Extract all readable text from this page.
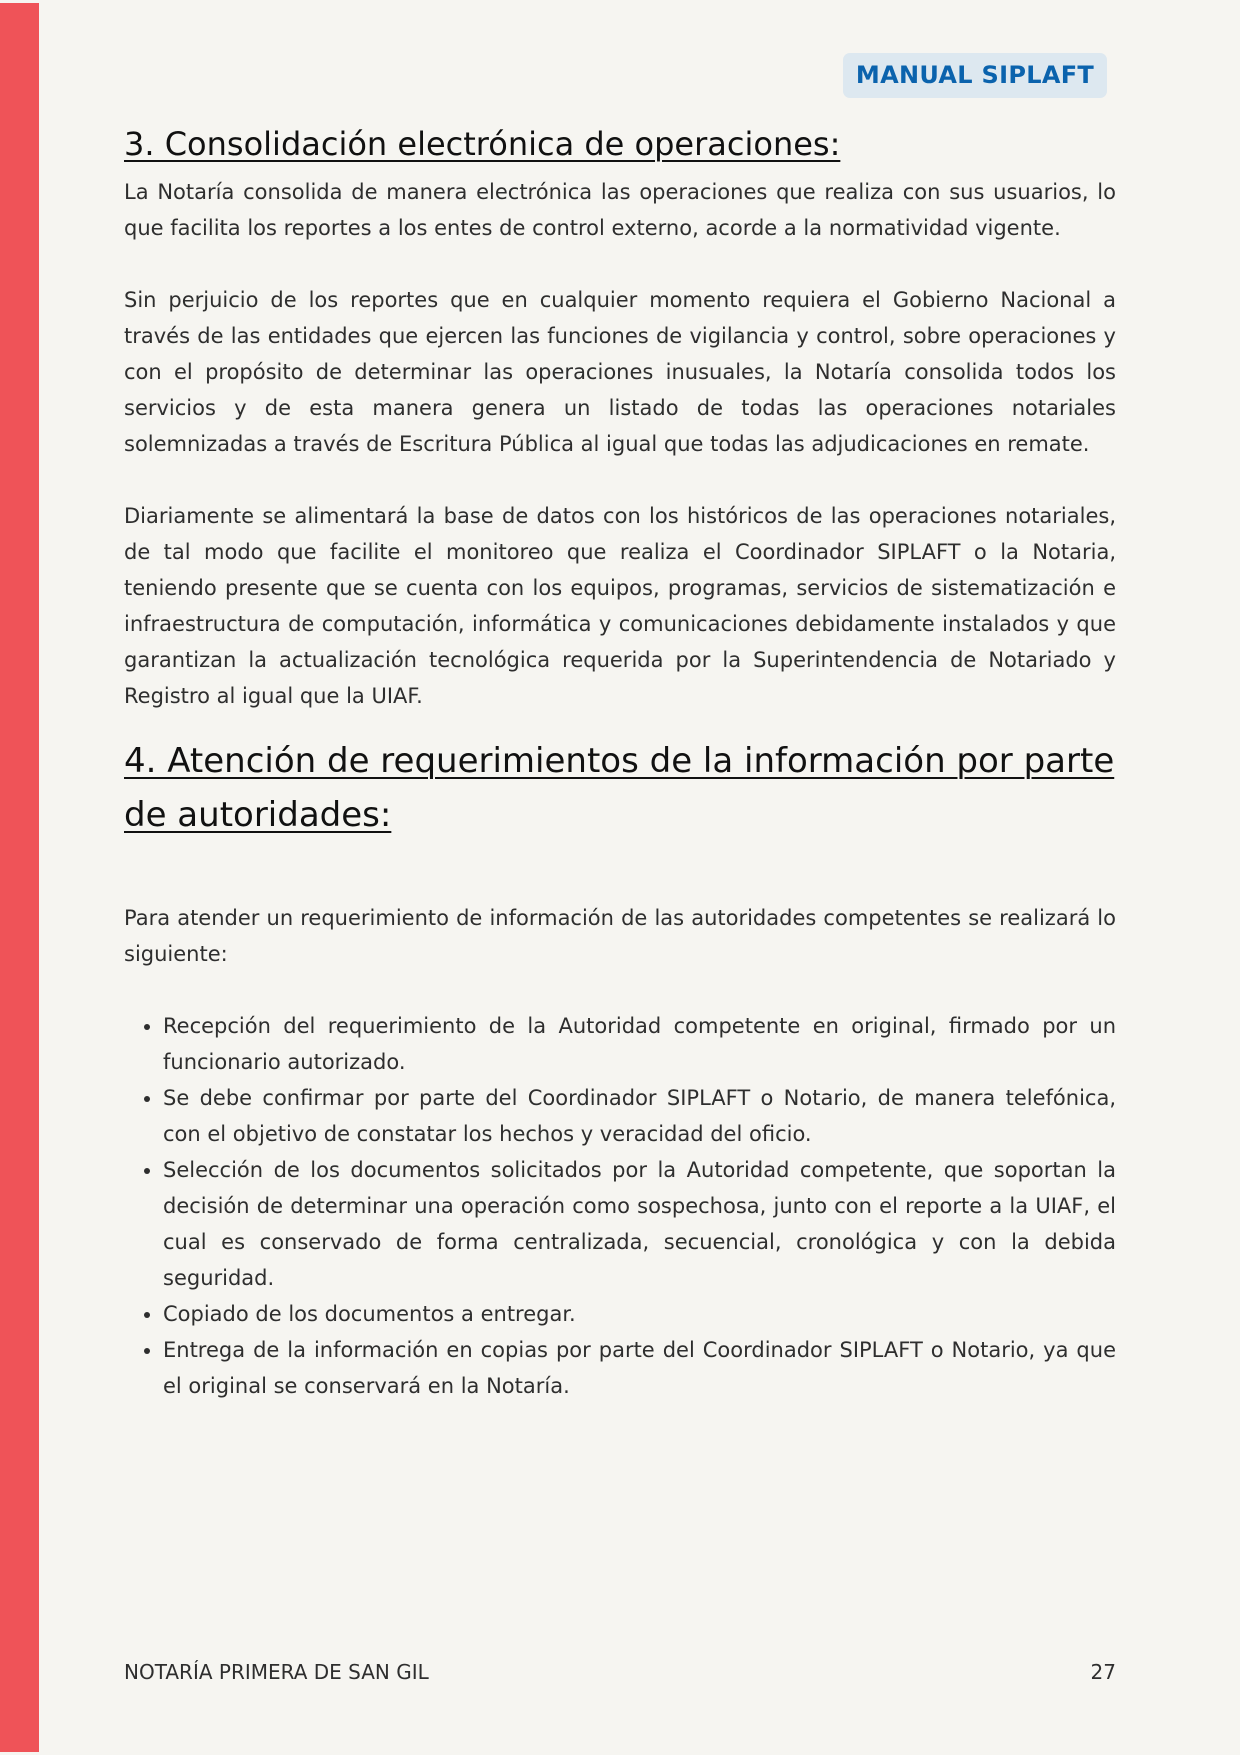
MANUAL SIPLAFT
3. Consolidación electrónica de operaciones:

La Notaría consolida de manera electrónica las operaciones que realiza con sus usuarios, lo que facilita los reportes a los entes de control externo, acorde a la normatividad vigente.

Sin perjuicio de los reportes que en cualquier momento requiera el Gobierno Nacional a través de las entidades que ejercen las funciones de vigilancia y control, sobre operaciones y con el propósito de determinar las operaciones inusuales, la Notaría consolida todos los servicios y de esta manera genera un listado de todas las operaciones notariales solemnizadas a través de Escritura Pública al igual que todas las adjudicaciones en remate.

Diariamente se alimentará la base de datos con los históricos de las operaciones notariales, de tal modo que facilite el monitoreo que realiza el Coordinador SIPLAFT o la Notaria, teniendo presente que se cuenta con los equipos, programas, servicios de sistematización e infraestructura de computación, informática y comunicaciones debidamente instalados y que garantizan la actualización tecnológica requerida por la Superintendencia de Notariado y Registro al igual que la UIAF.

4. Atención de requerimientos de la información por parte de autoridades:

Para atender un requerimiento de información de las autoridades competentes se realizará lo siguiente:

• Recepción del requerimiento de la Autoridad competente en original, firmado por un funcionario autorizado.
• Se debe confirmar por parte del Coordinador SIPLAFT o Notario, de manera telefónica, con el objetivo de constatar los hechos y veracidad del oficio.
• Selección de los documentos solicitados por la Autoridad competente, que soportan la decisión de determinar una operación como sospechosa, junto con el reporte a la UIAF, el cual es conservado de forma centralizada, secuencial, cronológica y con la debida seguridad.
• Copiado de los documentos a entregar.
• Entrega de la información en copias por parte del Coordinador SIPLAFT o Notario, ya que el original se conservará en la Notaría.
NOTARÍA PRIMERA DE SAN GIL	27
